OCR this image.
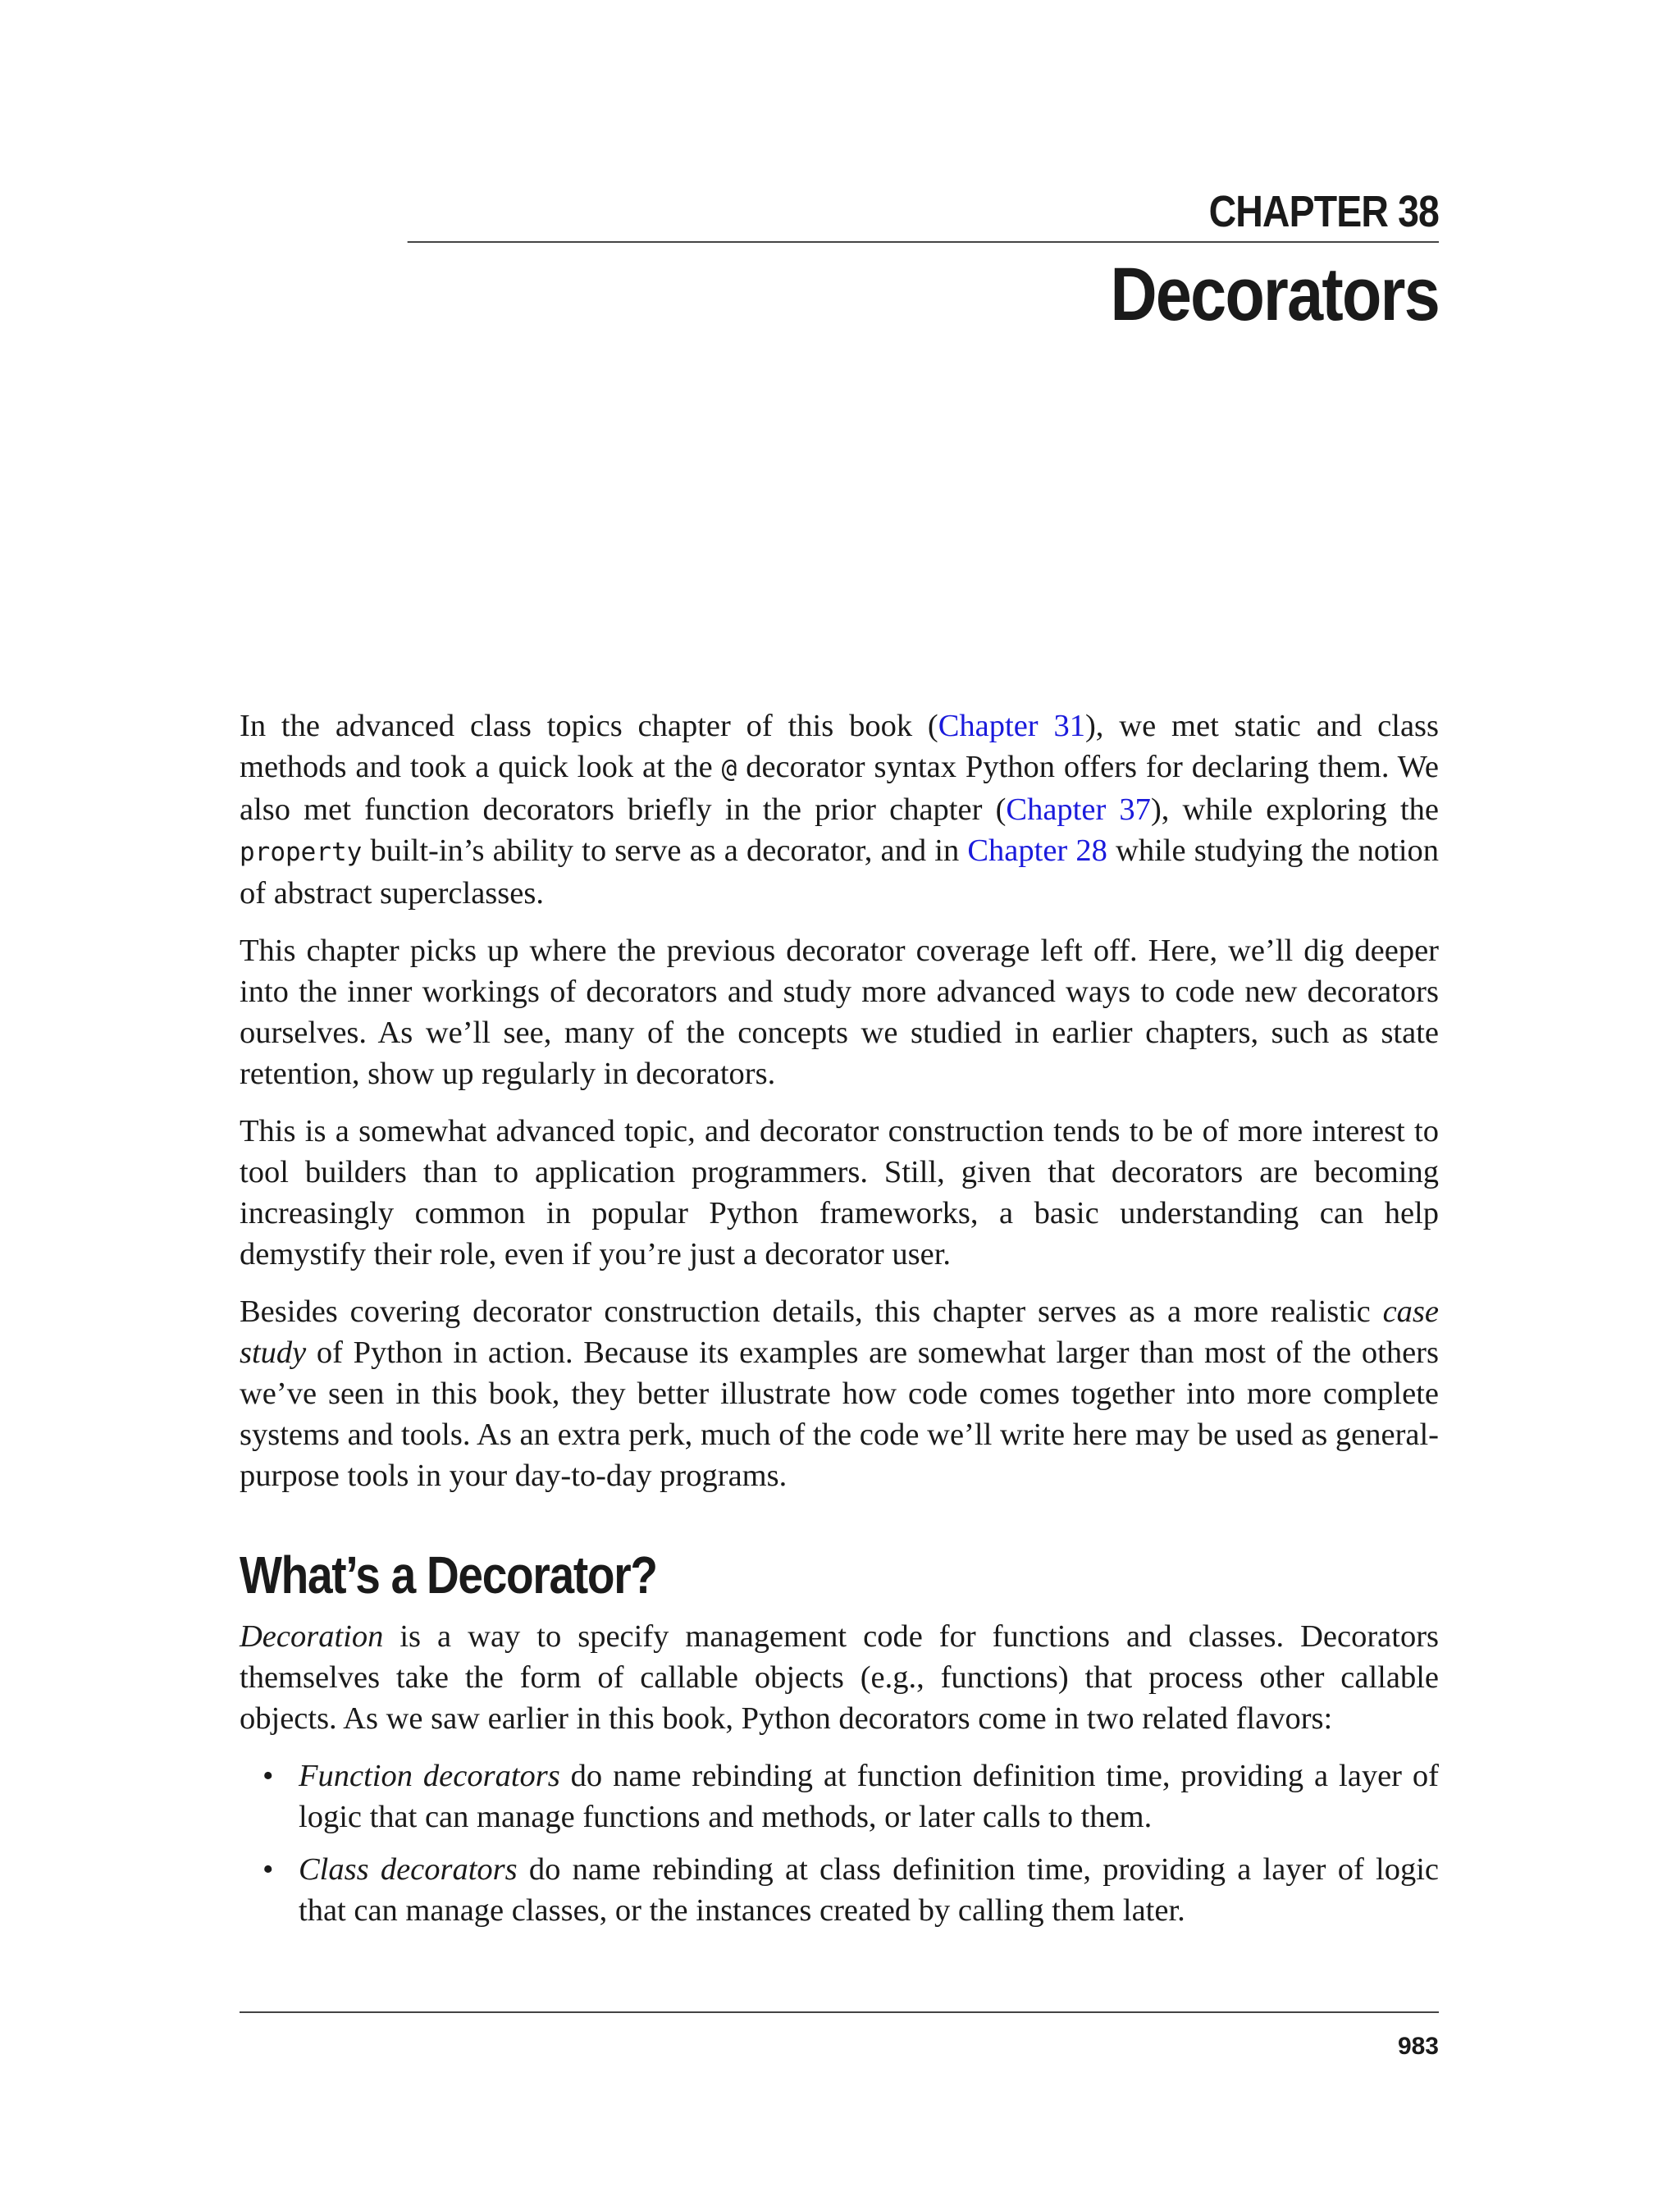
CHAPTER 38
Decorators

In the advanced class topics chapter of this book (Chapter 31), we met static and class methods and took a quick look at the @ decorator syntax Python offers for declaring them. We also met function decorators briefly in the prior chapter (Chapter 37), while exploring the property built-in’s ability to serve as a decorator, and in Chapter 28 while studying the notion of abstract superclasses.

This chapter picks up where the previous decorator coverage left off. Here, we’ll dig deeper into the inner workings of decorators and study more advanced ways to code new decorators ourselves. As we’ll see, many of the concepts we studied in earlier chapters, such as state retention, show up regularly in decorators.

This is a somewhat advanced topic, and decorator construction tends to be of more interest to tool builders than to application programmers. Still, given that decorators are becoming increasingly common in popular Python frameworks, a basic understanding can help demystify their role, even if you’re just a decorator user.

Besides covering decorator construction details, this chapter serves as a more realistic case study of Python in action. Because its examples are somewhat larger than most of the others we’ve seen in this book, they better illustrate how code comes together into more complete systems and tools. As an extra perk, much of the code we’ll write here may be used as general-purpose tools in your day-to-day programs.

What’s a Decorator?

Decoration is a way to specify management code for functions and classes. Decorators themselves take the form of callable objects (e.g., functions) that process other callable objects. As we saw earlier in this book, Python decorators come in two related flavors:

• Function decorators do name rebinding at function definition time, providing a layer of logic that can manage functions and methods, or later calls to them.
• Class decorators do name rebinding at class definition time, providing a layer of logic that can manage classes, or the instances created by calling them later.
983
